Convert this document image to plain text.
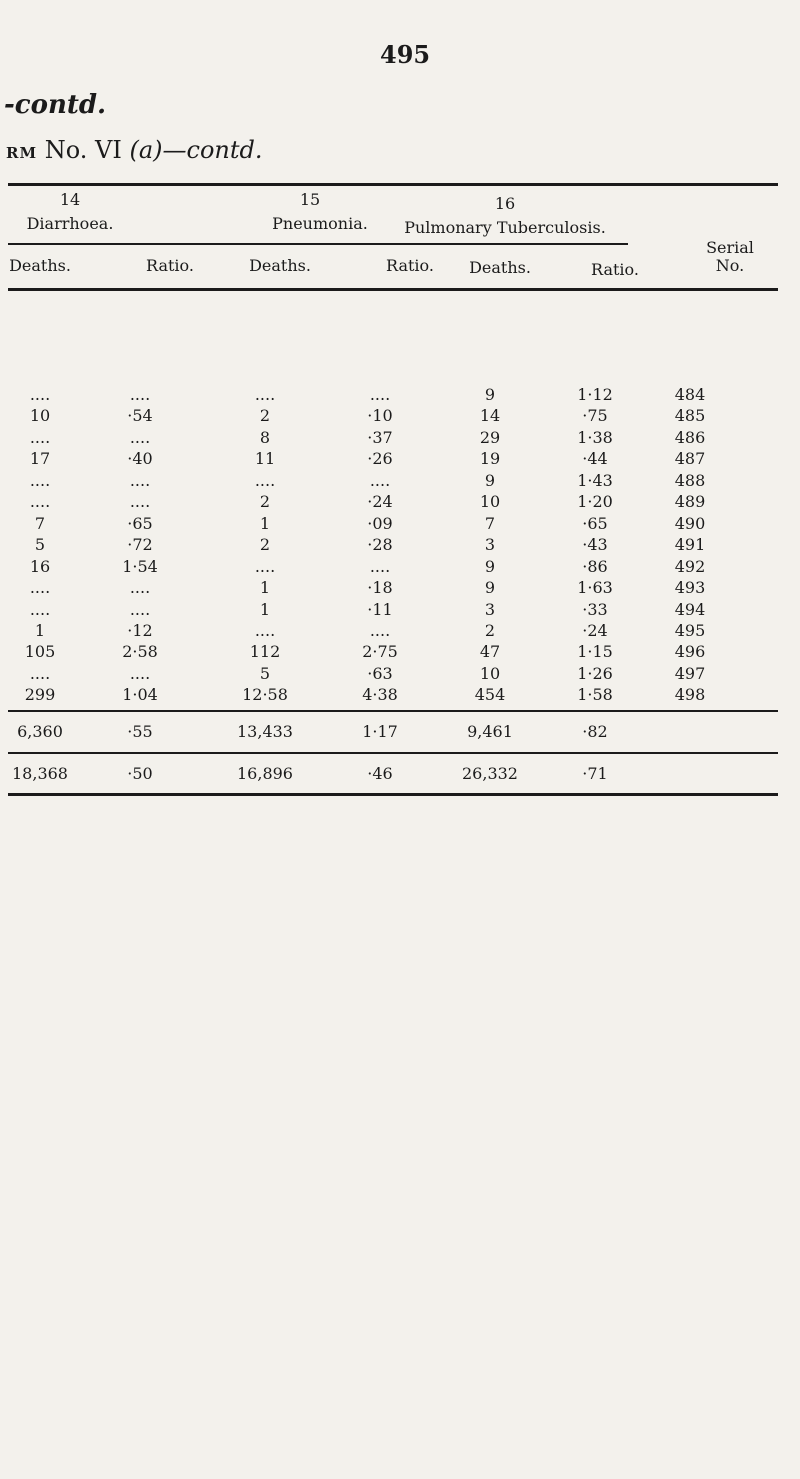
495
-contd.
RM No. VI (a)—contd.
14
Diarrhoea.
15
Pneumonia.
16
Pulmonary Tuberculosis.
Deaths.	Ratio.	Deaths.	Ratio.	Deaths.	Ratio.
Serial
No.
....	....	....	....	9	1·12	484
10	·54	2	·10	14	·75	485
....	....	8	·37	29	1·38	486
17	·40	11	·26	19	·44	487
....	....	....	....	9	1·43	488
....	....	2	·24	10	1·20	489
7	·65	1	·09	7	·65	490
5	·72	2	·28	3	·43	491
16	1·54	....	....	9	·86	492
....	....	1	·18	9	1·63	493
....	....	1	·11	3	·33	494
1	·12	....	....	2	·24	495
105	2·58	112	2·75	47	1·15	496
....	....	5	·63	10	1·26	497
299	1·04	12·58	4·38	454	1·58	498
6,360	·55	13,433	1·17	9,461	·82
18,368	·50	16,896	·46	26,332	·71
